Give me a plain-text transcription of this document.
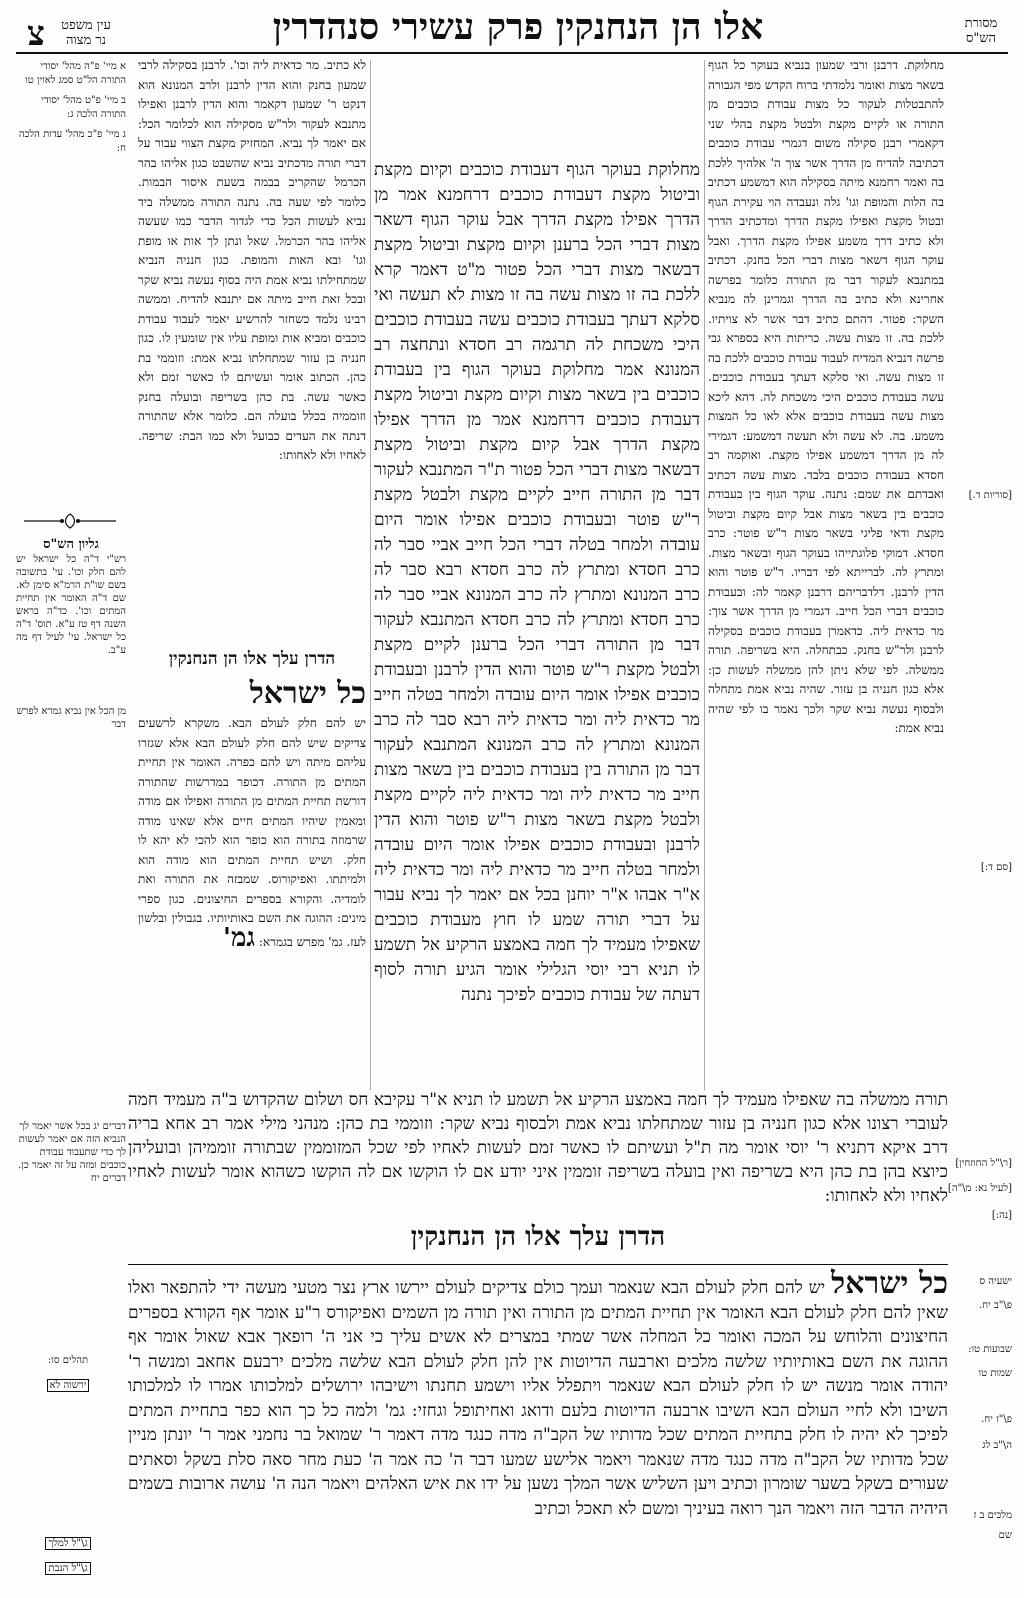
מסורת
הש"ס
אלו הן הנחנקין פרק עשירי סנהדרין
צ	עין משפט
נר מצוה
[סוריות ד.]
[סם ד:]
[ר\"ל החוזחין]
[לעיל נא: מ\"ה]
[נה:]
ישעיה ס
פ\"ב יח.
שבועות טו:
שמות טו
פ\"ז יח.
ה\"ב לג
מלכים ב ז
שם
א מיי' פ"ה מהל' יסודי התורה הל"ט סמג לאוין טו
ב מיי' פ"ט מהל' יסודי התורה הלכה ג:
ג מיי' פ"כ מהל' עדות הלכה ח:
גליון הש"ס
רש"י ד"ה כל ישראל יש להם חלק וכו'. עי' בתשובה בשם שו"ת הרמ"א סימן לא. שם ד"ה האומר אין תחיית המתים וכו'. כד"ה בראש השנה דף טז ע"א. תוס' ד"ה כל ישראל. עי' לעיל דף מה ע"ב.
מן הכל אין נביא גמרא לפרש דבר
דברים יג בכל אשר יאמר לך הנביא הזה אם יאמר לעשות לך כדי שתעבוד עבודת כוכבים ומזה על זה יאמר כן. דברים יח
ירשוה לא
תהלים סו:
ג\"ל למלך
ג\"ל הנבת
מחלוקת. דרבנן ורבי שמעון בנביא בעוקר כל הגוף בשאר מצות ואומר נלמדתי ברוח הקדש מפי הגבורה להתבטלות לעקור כל מצות עבודת כוכבים מן התורה או לקיים מקצת ולבטל מקצת בהלי שני דקאמרי רבנן סקילה משום דגמרי עבודת כוכבים דכתיבה להדיח מן הדרך אשר צוך ה' אלהיך ללכת בה ואמר רחמנא מיתה בסקילה הוא דמשמע דכתיב בה הלות והמופת וגו' גלה ונעבדה הוי עקירת הגוף ובטול מקצת ואפילו מקצת הדרך ומדכתיב הדרך ולא כתיב דרך משמע אפילו מקצת הדרך. ואבל עוקר הגוף דשאר מצות דברי הכל בחנק. דכתיב במתנבא לעקור דבר מן התורה כלומר בפרשה אחרינא ולא כתיב בה הדרך וגמרינן לה מנביא השקר: פטור. דהתם כתיב דבר אשר לא צויתיו. ללכת בה. זו מצות עשה. כריתות היא בספרא גבי פרשה דנביא המדיח לעבוד עבודת כוכבים ללכת בה זו מצות עשה. ואי סלקא דעתך בעבודת כוכבים. עשה בעבודת כוכבים היכי משכחת לה. דהא ליכא מצות עשה בעבודת כוכבים אלא לאו כל המצות משמע. בה. לא עשה ולא תעשה דמשמע: דגמירי לה מן הדרך דמשמע אפילו מקצת. ואוקמה רב חסדא בעבודת כוכבים בלבד. מצות עשה דכתיב ואבדתם את שמם: נתנה. עוקר הגוף בין בעבודת כוכבים בין בשאר מצות אבל קיום מקצת וביטול מקצת ודאי פליגי בשאר מצות ר"ש פוטר: כרב חסדא. דמוקי פלוגתייהו בעוקר הגוף ובשאר מצות. ומתרץ לה. לברייתא לפי דבריו. ר"ש פוטר והוא הדין לרבנן. דלדבריהם דרבנן קאמר לה: ובעבודת כוכבים דברי הכל חייב. דגמרי מן הדרך אשר צוך: מר כדאית ליה. כדאמרן בעבודת כוכבים בסקילה לרבנן ולר"ש בחנק. כבתחלה. היא בשריפה. תורה ממשלה. לפי שלא ניתן להן ממשלה לעשות כן: אלא כגון חנניה בן עזור. שהיה נביא אמת מתחלה ולבסוף נעשה נביא שקר ולכך נאמר בו לפי שהיה נביא אמת:
מחלוקת בעוקר הגוף דעבודת כוכבים וקיום מקצת וביטול מקצת דעבודת כוכבים דרחמנא אמר מן הדרך אפילו מקצת הדרך אבל עוקר הגוף דשאר מצות דברי הכל ברענן וקיום מקצת וביטול מקצת דבשאר מצות דברי הכל פטור מ"ט דאמר קרא ללכת בה זו מצות עשה בה זו מצות לא תעשה ואי סלקא דעתך בעבודת כוכבים עשה בעבודת כוכבים היכי משכחת לה תרגמה רב חסדא ונתחצה רב המנונא אמר מחלוקת בעוקר הגוף בין בעבודת כוכבים בין בשאר מצות וקיום מקצת וביטול מקצת דעבודת כוכבים דרחמנא אמר מן הדרך אפילו מקצת הדרך אבל קיום מקצת וביטול מקצת דבשאר מצות דברי הכל פטור ת"ר המתנבא לעקור דבר מן התורה חייב לקיים מקצת ולבטל מקצת ר"ש פוטר ובעבודת כוכבים אפילו אומר היום עובדה ולמחר בטלה דברי הכל חייב אביי סבר לה כרב חסדא ומתרץ לה כרב חסדא רבא סבר לה כרב המנונא ומתרץ לה כרב המנונא אביי סבר לה כרב חסדא ומתרץ לה כרב חסדא המתנבא לעקור דבר מן התורה דברי הכל ברענן לקיים מקצת ולבטל מקצת ר"ש פוטר והוא הדין לרבנן ובעבודת כוכבים אפילו אומר היום עובדה ולמחר בטלה חייב מר כדאית ליה ומר כדאית ליה רבא סבר לה כרב המנונא ומתרץ לה כרב המנונא המתנבא לעקור דבר מן התורה בין בעבודת כוכבים בין בשאר מצות חייב מר כדאית ליה ומר כדאית ליה לקיים מקצת ולבטל מקצת בשאר מצות ר"ש פוטר והוא הדין לרבנן ובעבודת כוכבים אפילו אומר היום עובדה ולמחר בטלה חייב מר כדאית ליה ומר כדאית ליה א"ר אבהו א"ר יוחנן בכל אם יאמר לך נביא עבור על דברי תורה שמע לו חוץ מעבודת כוכבים שאפילו מעמיד לך חמה באמצע הרקיע אל תשמע לו תניא רבי יוסי הגלילי אומר הגיע תורה לסוף דעתה של עבודת כוכבים לפיכך נתנה
לא כתיב. מר כדאית ליה וכו'. לרבנן בסקילה לרבי שמעון בחנק והוא הדין לרבנן ולרב המנונא הוא דנקט ר' שמעון דקאמר והוא הדין לרבנן ואפילו מתנבא לעקור ולר"ש מסקילה הוא לכלומר הכל: אם יאמר לך נביא. המחזיק מקצת הצווי עבור על דברי תורה מדכתיב נביא שהשבט כגון אליהו בהר הכרמל שהקריב בבמה בשעת איסור הבמות. כלומר לפי שעה בה. נתנה התורה ממשלה ביד נביא לעשות הכל כדי לגדור הדבר כמו שעשה אליהו בהר הכרמל. שאל ונתן לך אות או מופת וגו' ובא האות והמופת. כגון חנניה הנביא שמתחילתו נביא אמת היה בסוף נעשה נביא שקר ובכל זאת חייב מיתה אם יתנבא להדיח. וממשה רבינו נלמד כשחזר להרשיע יאמר לעבוד עבודת כוכבים ומביא אות ומופת עליו אין שומעין לו. כגון חנניה בן עזור שמתחלתו נביא אמת: וזוממי בת כהן. הכתוב אומר ועשיתם לו כאשר זמם ולא כאשר עשה. בת כהן בשריפה ובועלה בחנק וזוממיה בכלל בועלה הם. כלומר אלא שהתורה דנתה את העדים כבועל ולא כמו הבת: שריפה. לאחיו ולא לאחותו:
הדרן עלך אלו הן הנחנקין
כל ישראל
יש להם חלק לעולם הבא. משקרא לרשעים צדיקים שיש להם חלק לעולם הבא אלא שגזרו עליהם מיתה ויש להם כפרה. האומר אין תחיית המתים מן התורה. דכופר במדרשות שהתורה דורשת תחיית המתים מן התורה ואפילו אם מודה ומאמין שיהיו המתים חיים אלא שאינו מודה שרמוזה בתורה הוא כופר הוא להכי לא יהא לו חלק. ושיש תחיית המתים הוא מודה הוא ולמיתתו. ואפיקורוס. שמבזה את התורה ואת לומדיה. והקורא בספרים החיצונים. כגון ספרי מינים: ההוגה את השם באותיותיו. בגבולין ובלשון לעז. גמ' מפרש בגמרא: גמ'
תורה ממשלה בה שאפילו מעמיד לך חמה באמצע הרקיע אל תשמע לו תניא א"ר עקיבא חס ושלום שהקדוש ב"ה מעמיד חמה לעוברי רצונו אלא כגון חנניה בן עזור שמתחלתו נביא אמת ולבסוף נביא שקר: וזוממי בת כהן: מנהני מילי אמר רב אחא בריה דרב איקא דתניא ר' יוסי אומר מה ת"ל ועשיתם לו כאשר זמם לעשות לאחיו לפי שכל המזוממין שבתורה זוממיהן ובועליהן כיוצא בהן בת כהן היא בשריפה ואין בועלה בשריפה זוממין איני יודע אם לו הוקשו אם לה הוקשו כשהוא אומר לעשות לאחיו לאחיו ולא לאחותו:
הדרן עלך אלו הן הנחנקין
כל ישראל יש להם חלק לעולם הבא שנאמר ועמך כולם צדיקים לעולם יירשו ארץ נצר מטעי מעשה ידי להתפאר ואלו שאין להם חלק לעולם הבא האומר אין תחיית המתים מן התורה ואין תורה מן השמים ואפיקורס ר"ע אומר אף הקורא בספרים החיצונים והלוחש על המכה ואומר כל המחלה אשר שמתי במצרים לא אשים עליך כי אני ה' רופאך אבא שאול אומר אף ההוגה את השם באותיותיו שלשה מלכים וארבעה הדיוטות אין להן חלק לעולם הבא שלשה מלכים ירבעם אחאב ומנשה ר' יהודה אומר מנשה יש לו חלק לעולם הבא שנאמר ויתפלל אליו וישמע תחנתו וישיבהו ירושלים למלכותו אמרו לו למלכותו השיבו ולא לחיי העולם הבא השיבו ארבעה הדיוטות בלעם ודואג ואחיתופל וגחזי: גמ' ולמה כל כך הוא כפר בתחיית המתים לפיכך לא יהיה לו חלק בתחיית המתים שכל מדותיו של הקב"ה מדה כנגד מדה דאמר ר' שמואל בר נחמני אמר ר' יונתן מניין שכל מדותיו של הקב"ה מדה כנגד מדה שנאמר ויאמר אלישע שמעו דבר ה' כה אמר ה' כעת מחר סאה סלת בשקל וסאתים שעורים בשקל בשער שומרון וכתיב ויען השליש אשר המלך נשען על ידו את איש האלהים ויאמר הנה ה' עושה ארובות בשמים היהיה הדבר הזה ויאמר הנך רואה בעיניך ומשם לא תאכל וכתיב
